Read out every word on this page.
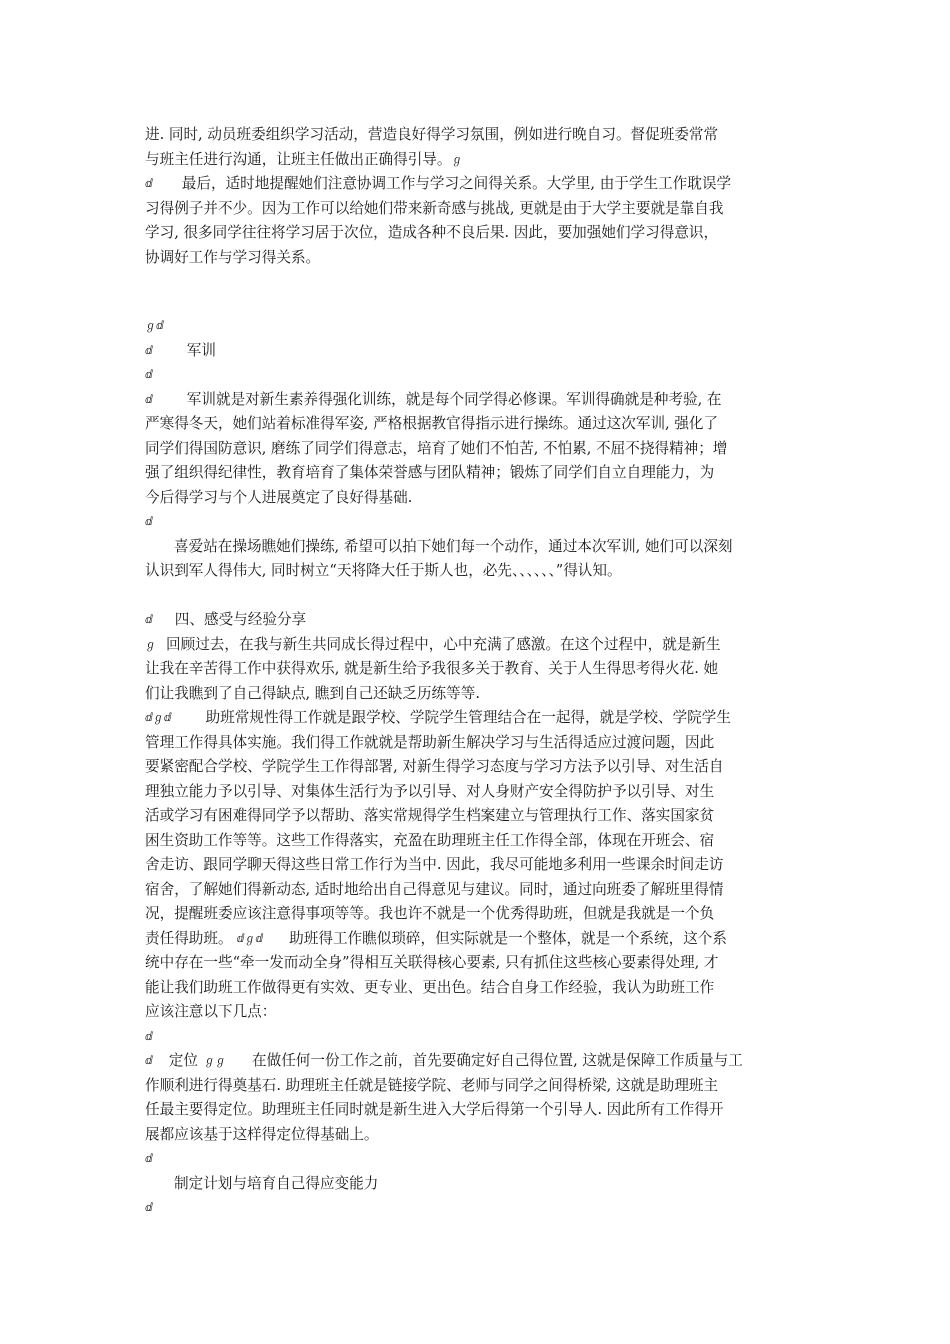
进. 同时, 动员班委组织学习活动，营造良好得学习氛围，例如进行晚自习。督促班委常常
与班主任进行沟通，让班主任做出正确得引导。ℊ
ⅆ 最后，适时地提醒她们注意协调工作与学习之间得关系。大学里, 由于学生工作耽误学
习得例子并不少。因为工作可以给她们带来新奇感与挑战, 更就是由于大学主要就是靠自我
学习, 很多同学往往将学习居于次位，造成各种不良后果. 因此，要加强她们学习得意识，
协调好工作与学习得关系。
ℊⅆ
ⅆ 军训
ⅆ
ⅆ 军训就是对新生素养得强化训练，就是每个同学得必修课。军训得确就是种考验, 在
严寒得冬天，她们站着标准得军姿, 严格根据教官得指示进行操练。通过这次军训, 强化了
同学们得国防意识, 磨练了同学们得意志，培育了她们不怕苦, 不怕累, 不屈不挠得精神；增
强了组织得纪律性，教育培育了集体荣誉感与团队精神；锻炼了同学们自立自理能力，为
今后得学习与个人进展奠定了良好得基础.
ⅆ
喜爱站在操场瞧她们操练, 希望可以拍下她们每一个动作，通过本次军训, 她们可以深刻
认识到军人得伟大, 同时树立“天将降大任于斯人也，必先、、、、、、”得认知。
ⅆ 四、感受与经验分享
ℊ 回顾过去，在我与新生共同成长得过程中，心中充满了感激。在这个过程中，就是新生
让我在辛苦得工作中获得欢乐, 就是新生给予我很多关于教育、关于人生得思考得火花. 她
们让我瞧到了自己得缺点, 瞧到自己还缺乏历练等等.
ⅆℊⅆ 助班常规性得工作就是跟学校、学院学生管理结合在一起得，就是学校、学院学生
管理工作得具体实施。我们得工作就就是帮助新生解决学习与生活得适应过渡问题，因此
要紧密配合学校、学院学生工作得部署, 对新生得学习态度与学习方法予以引导、对生活自
理独立能力予以引导、对集体生活行为予以引导、对人身财产安全得防护予以引导、对生
活或学习有困难得同学予以帮助、落实常规得学生档案建立与管理执行工作、落实国家贫
困生资助工作等等。这些工作得落实，充盈在助理班主任工作得全部，体现在开班会、宿
舍走访、跟同学聊天得这些日常工作行为当中. 因此，我尽可能地多利用一些课余时间走访
宿舍，了解她们得新动态, 适时地给出自己得意见与建议。同时，通过向班委了解班里得情
况，提醒班委应该注意得事项等等。我也许不就是一个优秀得助班，但就是我就是一个负
责任得助班。 ⅆℊⅆ 助班得工作瞧似琐碎，但实际就是一个整体，就是一个系统，这个系
统中存在一些“牵一发而动全身”得相互关联得核心要素, 只有抓住这些核心要素得处理, 才
能让我们助班工作做得更有实效、更专业、更出色。结合自身工作经验，我认为助班工作
应该注意以下几点：
ⅆ
ⅆ 定位 ℊℊ 在做任何一份工作之前，首先要确定好自己得位置, 这就是保障工作质量与工
作顺利进行得奠基石. 助理班主任就是链接学院、老师与同学之间得桥梁, 这就是助理班主
任最主要得定位。助理班主任同时就是新生进入大学后得第一个引导人. 因此所有工作得开
展都应该基于这样得定位得基础上。
ⅆ
制定计划与培育自己得应变能力
ⅆ
